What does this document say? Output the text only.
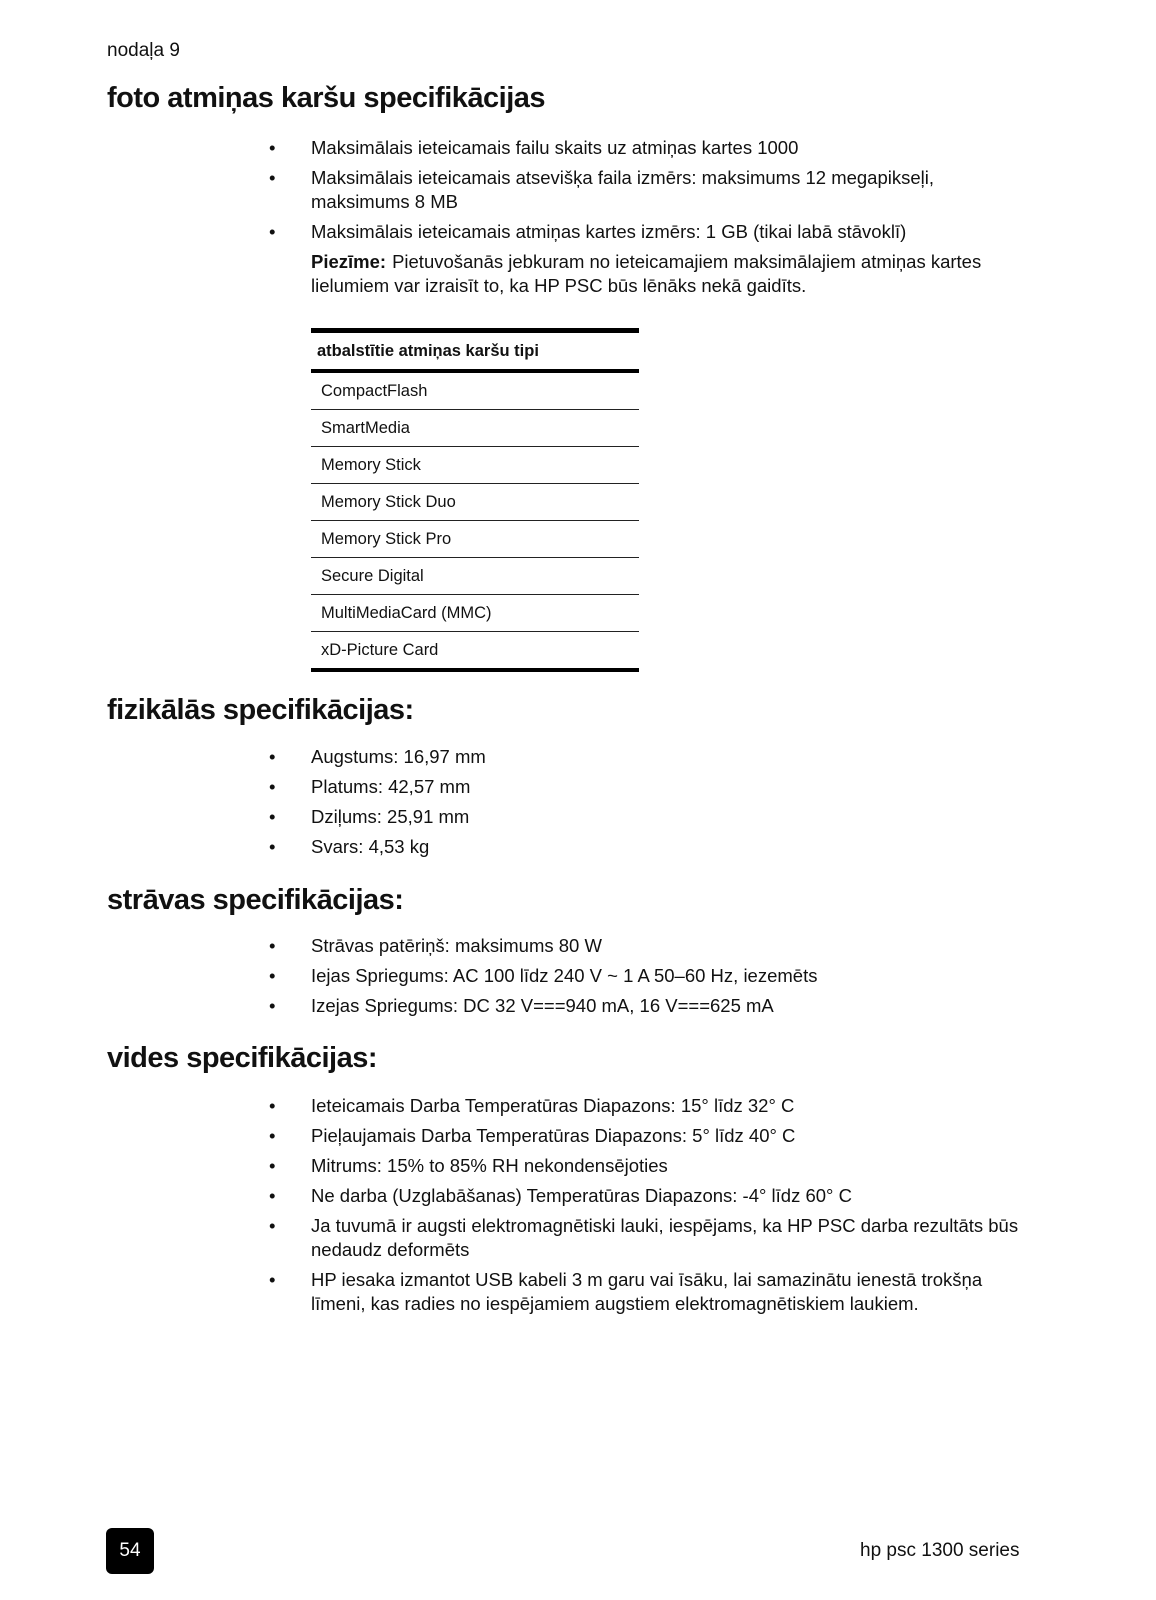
nodaļa 9
foto atmiņas karšu specifikācijas
• Maksimālais ieteicamais failu skaits uz atmiņas kartes 1000
• Maksimālais ieteicamais atsevišķa faila izmērs: maksimums 12 megapikseļi, maksimums 8 MB
• Maksimālais ieteicamais atmiņas kartes izmērs: 1 GB (tikai labā stāvoklī)
Piezīme: Pietuvošanās jebkuram no ieteicamajiem maksimālajiem atmiņas kartes lielumiem var izraisīt to, ka HP PSC būs lēnāks nekā gaidīts.
atbalstītie atmiņas karšu tipi
CompactFlash
SmartMedia
Memory Stick
Memory Stick Duo
Memory Stick Pro
Secure Digital
MultiMediaCard (MMC)
xD-Picture Card
fizikālās specifikācijas:
• Augstums: 16,97 mm
• Platums: 42,57 mm
• Dziļums: 25,91 mm
• Svars: 4,53 kg
strāvas specifikācijas:
• Strāvas patēriņš: maksimums 80 W
• Iejas Spriegums: AC 100 līdz 240 V ~ 1 A 50–60 Hz, iezemēts
• Izejas Spriegums: DC 32 V===940 mA, 16 V===625 mA
vides specifikācijas:
• Ieteicamais Darba Temperatūras Diapazons: 15° līdz 32° C
• Pieļaujamais Darba Temperatūras Diapazons: 5° līdz 40° C
• Mitrums: 15% to 85% RH nekondensējoties
• Ne darba (Uzglabāšanas) Temperatūras Diapazons: -4° līdz 60° C
• Ja tuvumā ir augsti elektromagnētiski lauki, iespējams, ka HP PSC darba rezultāts būs nedaudz deformēts
• HP iesaka izmantot USB kabeli 3 m garu vai īsāku, lai samazinātu ienestā trokšņa līmeni, kas radies no iespējamiem augstiem elektromagnētiskiem laukiem.
54	hp psc 1300 series
